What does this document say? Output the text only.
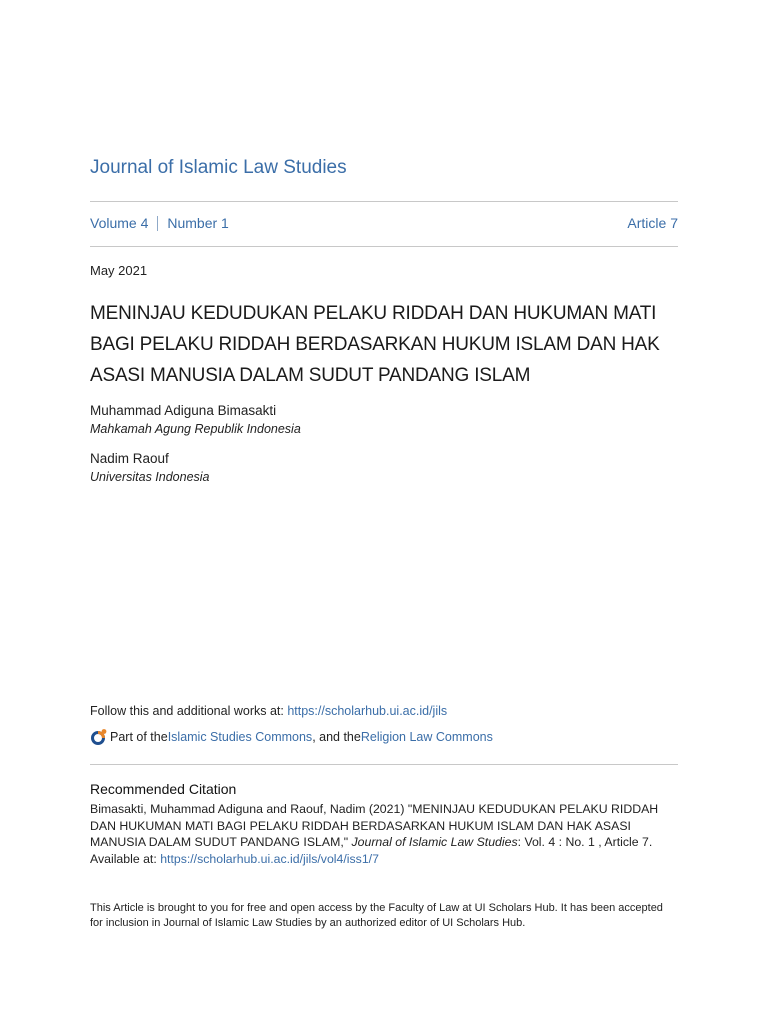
Journal of Islamic Law Studies
Volume 4 Number 1	Article 7
May 2021
MENINJAU KEDUDUKAN PELAKU RIDDAH DAN HUKUMAN MATI BAGI PELAKU RIDDAH BERDASARKAN HUKUM ISLAM DAN HAK ASASI MANUSIA DALAM SUDUT PANDANG ISLAM
Muhammad Adiguna Bimasakti
Mahkamah Agung Republik Indonesia
Nadim Raouf
Universitas Indonesia
Follow this and additional works at: https://scholarhub.ui.ac.id/jils
Part of the Islamic Studies Commons , and the Religion Law Commons
Recommended Citation
Bimasakti, Muhammad Adiguna and Raouf, Nadim (2021) "MENINJAU KEDUDUKAN PELAKU RIDDAH DAN HUKUMAN MATI BAGI PELAKU RIDDAH BERDASARKAN HUKUM ISLAM DAN HAK ASASI MANUSIA DALAM SUDUT PANDANG ISLAM," Journal of Islamic Law Studies: Vol. 4 : No. 1 , Article 7.
Available at: https://scholarhub.ui.ac.id/jils/vol4/iss1/7
This Article is brought to you for free and open access by the Faculty of Law at UI Scholars Hub. It has been accepted for inclusion in Journal of Islamic Law Studies by an authorized editor of UI Scholars Hub.
